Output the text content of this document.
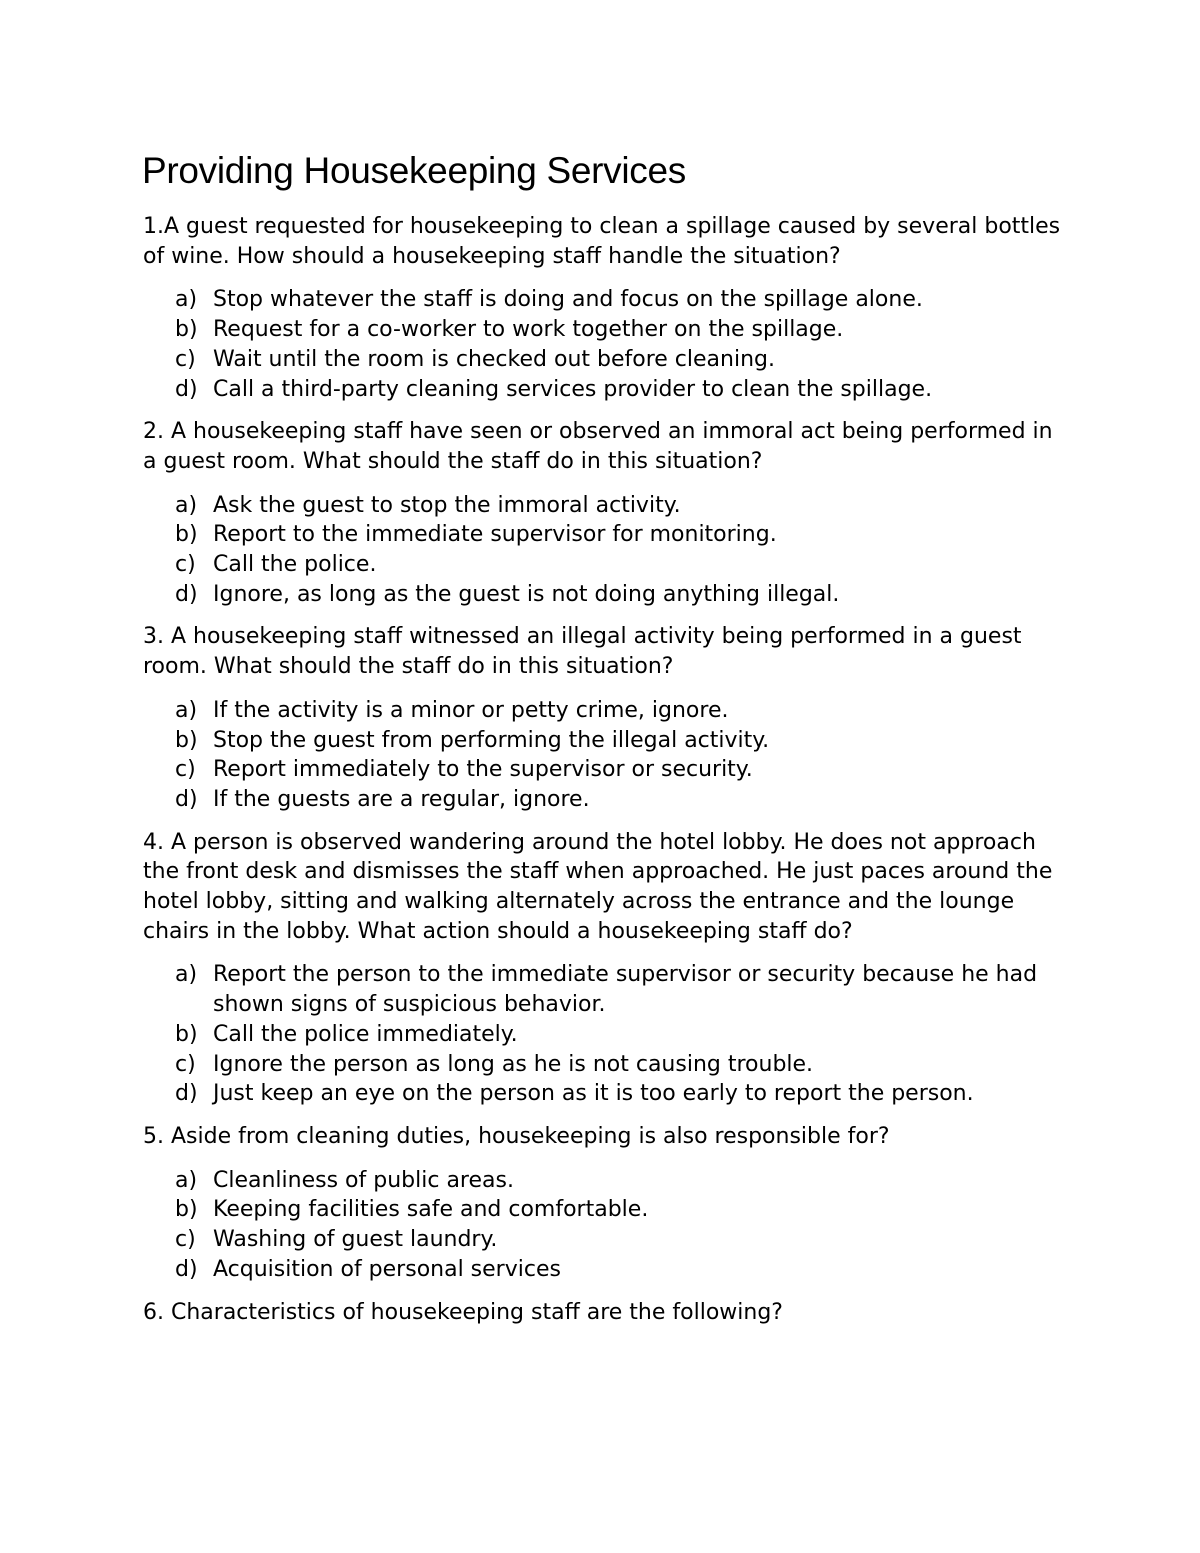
Providing Housekeeping Services

1.A guest requested for housekeeping to clean a spillage caused by several bottles of wine. How should a housekeeping staff handle the situation?

a) Stop whatever the staff is doing and focus on the spillage alone.
b) Request for a co-worker to work together on the spillage.
c) Wait until the room is checked out before cleaning.
d) Call a third-party cleaning services provider to clean the spillage.

2. A housekeeping staff have seen or observed an immoral act being performed in a guest room. What should the staff do in this situation?

a) Ask the guest to stop the immoral activity.
b) Report to the immediate supervisor for monitoring.
c) Call the police.
d) Ignore, as long as the guest is not doing anything illegal.

3. A housekeeping staff witnessed an illegal activity being performed in a guest room. What should the staff do in this situation?

a) If the activity is a minor or petty crime, ignore.
b) Stop the guest from performing the illegal activity.
c) Report immediately to the supervisor or security.
d) If the guests are a regular, ignore.

4. A person is observed wandering around the hotel lobby. He does not approach the front desk and dismisses the staff when approached. He just paces around the hotel lobby, sitting and walking alternately across the entrance and the lounge chairs in the lobby. What action should a housekeeping staff do?

a) Report the person to the immediate supervisor or security because he had shown signs of suspicious behavior.
b) Call the police immediately.
c) Ignore the person as long as he is not causing trouble.
d) Just keep an eye on the person as it is too early to report the person.

5. Aside from cleaning duties, housekeeping is also responsible for?

a) Cleanliness of public areas.
b) Keeping facilities safe and comfortable.
c) Washing of guest laundry.
d) Acquisition of personal services

6. Characteristics of housekeeping staff are the following?
